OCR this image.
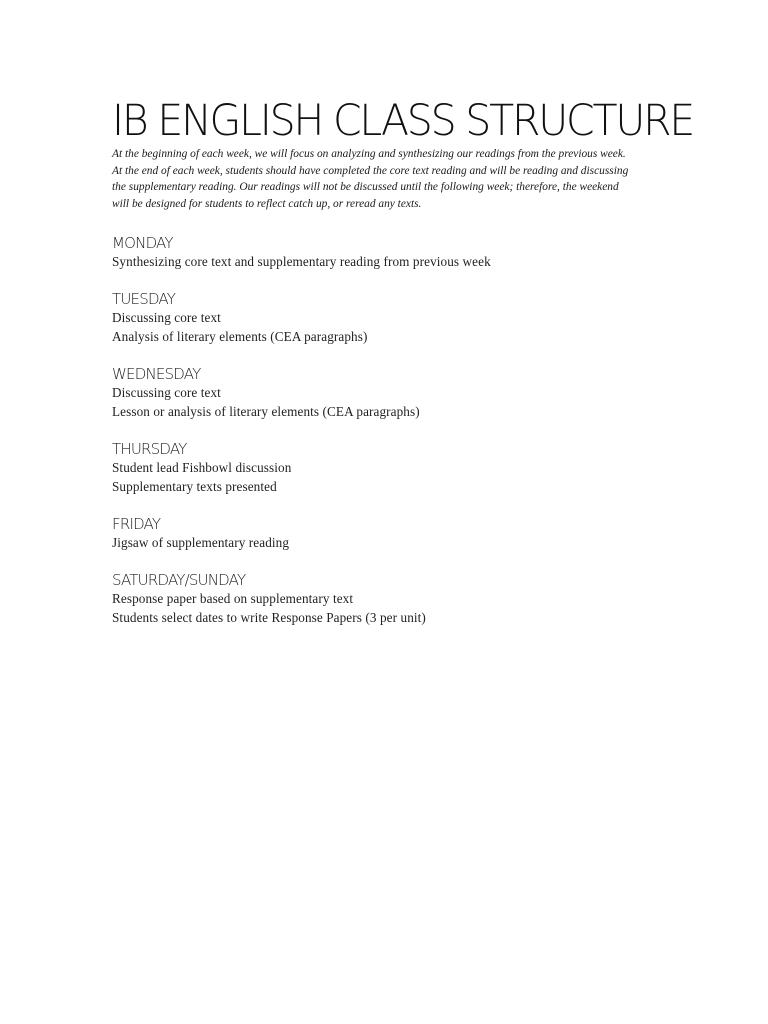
IB ENGLISH CLASS STRUCTURE

At the beginning of each week, we will focus on analyzing and synthesizing our readings from the previous week. At the end of each week, students should have completed the core text reading and will be reading and discussing the supplementary reading. Our readings will not be discussed until the following week; therefore, the weekend will be designed for students to reflect catch up, or reread any texts.

MONDAY
Synthesizing core text and supplementary reading from previous week
TUESDAY
Discussing core text
Analysis of literary elements (CEA paragraphs)
WEDNESDAY
Discussing core text
Lesson or analysis of literary elements (CEA paragraphs)
THURSDAY
Student lead Fishbowl discussion
Supplementary texts presented
FRIDAY
Jigsaw of supplementary reading
SATURDAY/SUNDAY
Response paper based on supplementary text
Students select dates to write Response Papers (3 per unit)
